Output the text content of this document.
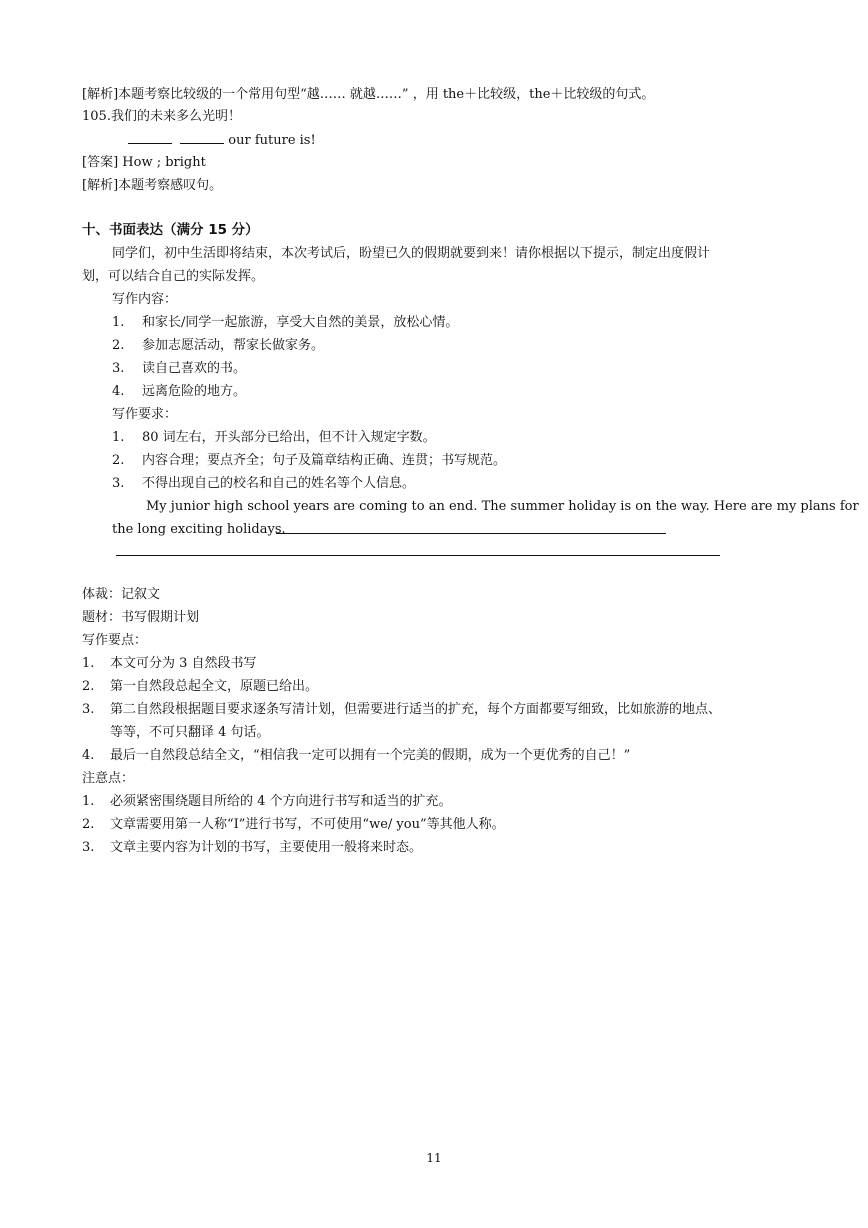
[解析]本题考察比较级的一个常用句型“越…… 就越……” ，用 the＋比较级，the＋比较级的句式。
105.我们的未来多么光明！
our future is!
[答案] How ; bright
[解析]本题考察感叹句。
十、书面表达（满分 15 分）
同学们，初中生活即将结束，本次考试后，盼望已久的假期就要到来！请你根据以下提示，制定出度假计
划，可以结合自己的实际发挥。
写作内容：
1.	和家长/同学一起旅游，享受大自然的美景，放松心情。
2.	参加志愿活动，帮家长做家务。
3.	读自己喜欢的书。
4.	远离危险的地方。
写作要求：
1.	80 词左右，开头部分已给出，但不计入规定字数。
2.	内容合理；要点齐全；句子及篇章结构正确、连贯；书写规范。
3.	不得出现自己的校名和自己的姓名等个人信息。
My junior high school years are coming to an end. The summer holiday is on the way. Here are my plans for
the long exciting holidays.
体裁：记叙文
题材：书写假期计划
写作要点：
1.	本文可分为 3 自然段书写
2.	第一自然段总起全文，原题已给出。
3.	第二自然段根据题目要求逐条写清计划，但需要进行适当的扩充，每个方面都要写细致，比如旅游的地点、
等等，不可只翻译 4 句话。
4.	最后一自然段总结全文，“相信我一定可以拥有一个完美的假期，成为一个更优秀的自己！”
注意点：
1.	必须紧密围绕题目所给的 4 个方向进行书写和适当的扩充。
2.	文章需要用第一人称“I”进行书写，不可使用“we/ you”等其他人称。
3.	文章主要内容为计划的书写，主要使用一般将来时态。
11
